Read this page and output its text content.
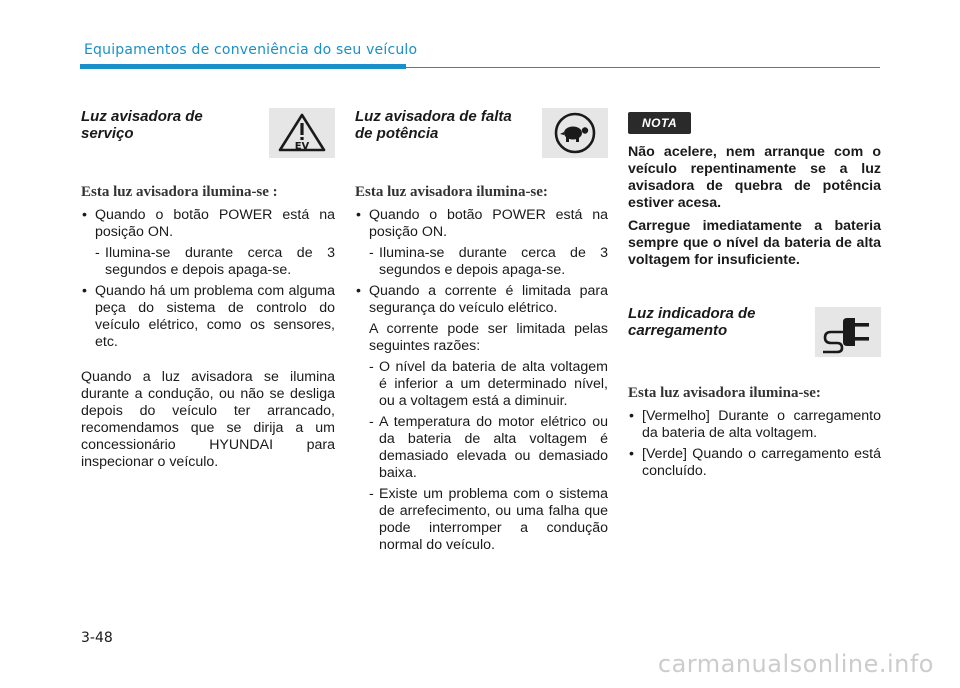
Equipamentos de conveniência do seu veículo
Luz avisadora de serviço
EV
Esta luz avisadora ilumina-se :
• Quando o botão POWER está na posição ON.
- Ilumina-se durante cerca de 3 segundos e depois apaga-se.
• Quando há um problema com alguma peça do sistema de controlo do veículo elétrico, como os sensores, etc.

Quando a luz avisadora se ilumina durante a condução, ou não se desliga depois do veículo ter arrancado, recomendamos que se dirija a um concessionário HYUNDAI para inspecionar o veículo.

Luz avisadora de falta de potência
Esta luz avisadora ilumina-se:
• Quando o botão POWER está na posição ON.
- Ilumina-se durante cerca de 3 segundos e depois apaga-se.
• Quando a corrente é limitada para segurança do veículo elétrico.
A corrente pode ser limitada pelas seguintes razões:
- O nível da bateria de alta voltagem é inferior a um determinado nível, ou a voltagem está a diminuir.
- A temperatura do motor elétrico ou da bateria de alta voltagem é demasiado elevada ou demasiado baixa.
- Existe um problema com o sistema de arrefecimento, ou uma falha que pode interromper a condução normal do veículo.
NOTA

Não acelere, nem arranque com o veículo repentinamente se a luz avisadora de quebra de potência estiver acesa.

Carregue imediatamente a bateria sempre que o nível da bateria de alta voltagem for insuficiente.

Luz indicadora de carregamento
Esta luz avisadora ilumina-se:
• [Vermelho] Durante o carregamento da bateria de alta voltagem.
• [Verde] Quando o carregamento está concluído.
3-48
carmanualsonline.info
